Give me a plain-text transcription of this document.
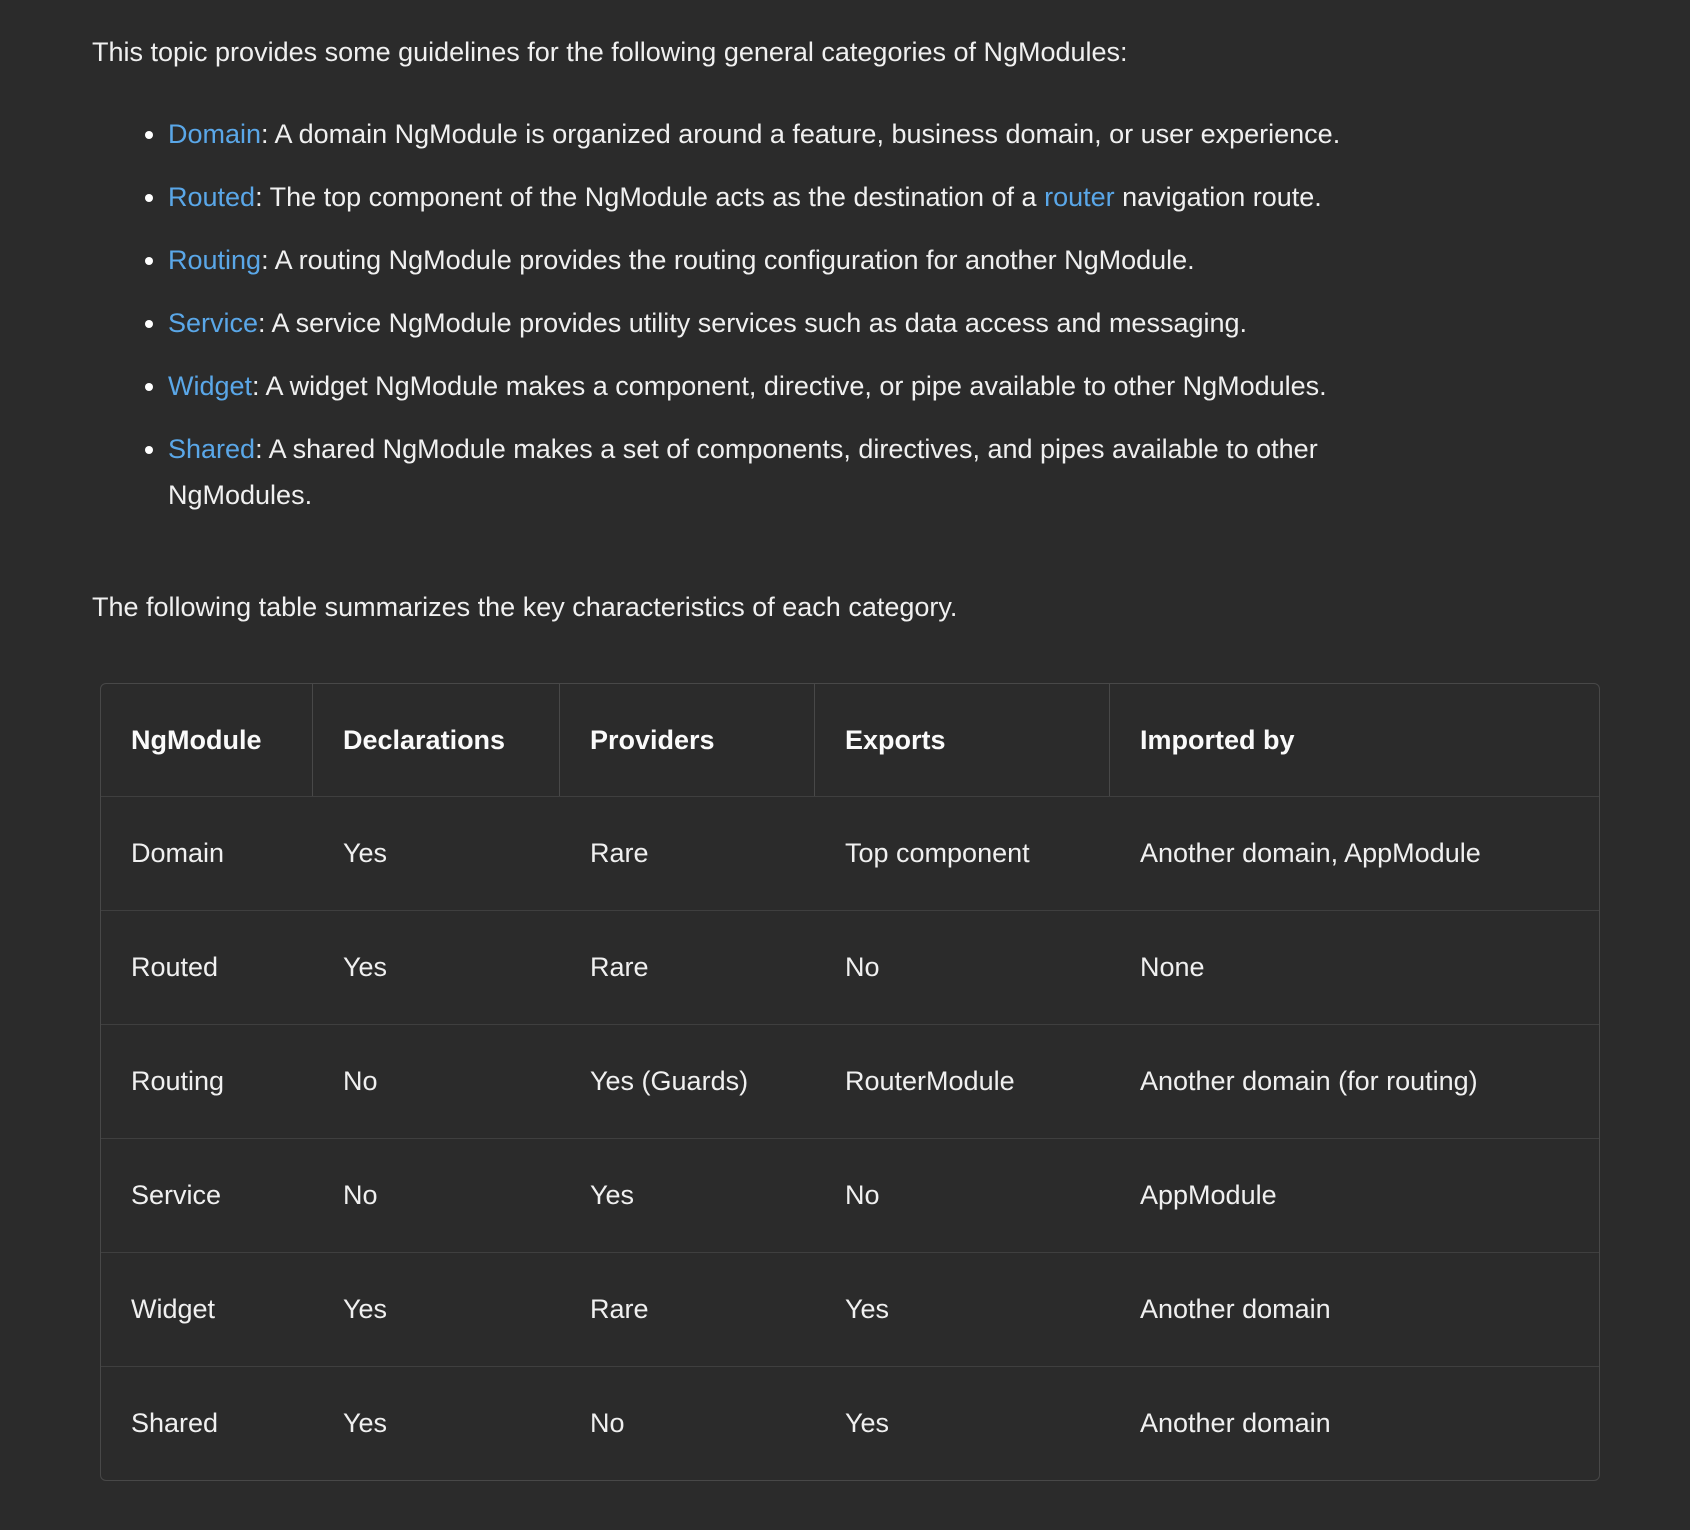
This topic provides some guidelines for the following general categories of NgModules:

• Domain: A domain NgModule is organized around a feature, business domain, or user experience.
• Routed: The top component of the NgModule acts as the destination of a router navigation route.
• Routing: A routing NgModule provides the routing configuration for another NgModule.
• Service: A service NgModule provides utility services such as data access and messaging.
• Widget: A widget NgModule makes a component, directive, or pipe available to other NgModules.
• Shared: A shared NgModule makes a set of components, directives, and pipes available to other NgModules.

The following table summarizes the key characteristics of each category.

NgModule	Declarations	Providers	Exports	Imported by
Domain	Yes	Rare	Top component	Another domain, AppModule
Routed	Yes	Rare	No	None
Routing	No	Yes (Guards)	RouterModule	Another domain (for routing)
Service	No	Yes	No	AppModule
Widget	Yes	Rare	Yes	Another domain
Shared	Yes	No	Yes	Another domain
